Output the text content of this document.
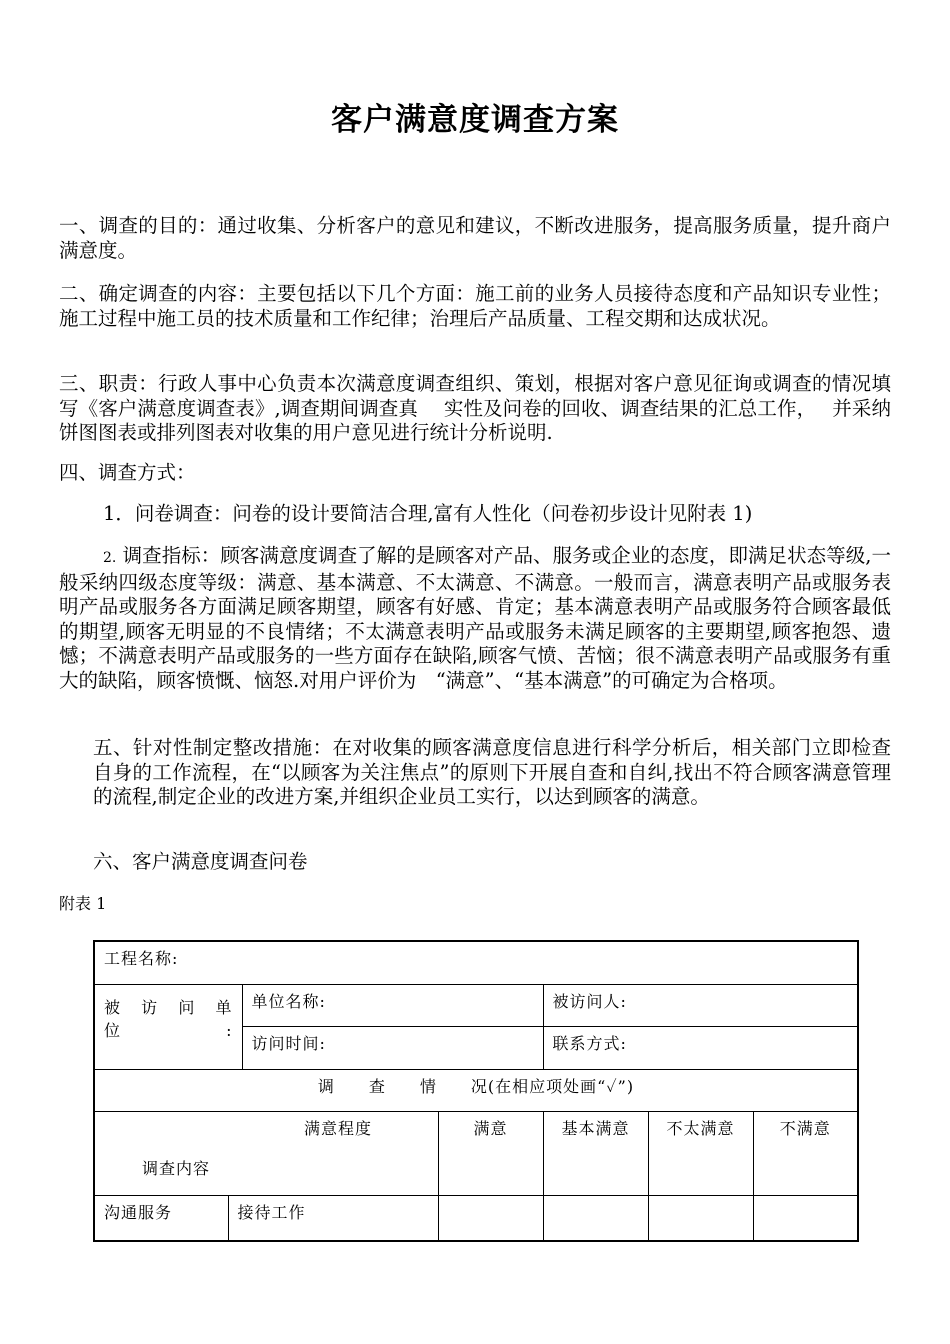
客户满意度调查方案
一、调查的目的：通过收集、分析客户的意见和建议，不断改进服务，提高服务质量，提升商户满意度。
二、确定调查的内容：主要包括以下几个方面：施工前的业务人员接待态度和产品知识专业性；施工过程中施工员的技术质量和工作纪律；治理后产品质量、工程交期和达成状况。
三、职责：行政人事中心负责本次满意度调查组织、策划，根据对客户意见征询或调查的情况填写《客户满意度调查表》,调查期间调查真　 实性及问卷的回收、调查结果的汇总工作，　 并采纳饼图图表或排列图表对收集的用户意见进行统计分析说明.
四、调查方式：
1．问卷调查：问卷的设计要简洁合理,富有人性化（问卷初步设计见附表 1)
2. 调查指标：顾客满意度调查了解的是顾客对产品、服务或企业的态度，即满足状态等级,一般采纳四级态度等级：满意、基本满意、不太满意、不满意。一般而言，满意表明产品或服务表明产品或服务各方面满足顾客期望，顾客有好感、肯定；基本满意表明产品或服务符合顾客最低的期望,顾客无明显的不良情绪；不太满意表明产品或服务未满足顾客的主要期望,顾客抱怨、遗憾；不满意表明产品或服务的一些方面存在缺陷,顾客气愤、苦恼；很不满意表明产品或服务有重大的缺陷，顾客愤慨、恼怒.对用户评价为　“满意”、“基本满意”的可确定为合格项。
五、针对性制定整改措施：在对收集的顾客满意度信息进行科学分析后，相关部门立即检查自身的工作流程，在“以顾客为关注焦点”的原则下开展自查和自纠,找出不符合顾客满意管理的流程,制定企业的改进方案,并组织企业员工实行，以达到顾客的满意。
六、客户满意度调查问卷
附表 1
工程名称:						

被　访　问　单位:		单位名称:		被访问人:		
		访问时间:		联系方式:		
调　　查　　情　　况(在相应项处画“✓”)						

满意程度
调查内容			满意	基本满意	不太满意	不满意
沟通服务	接待工作					
